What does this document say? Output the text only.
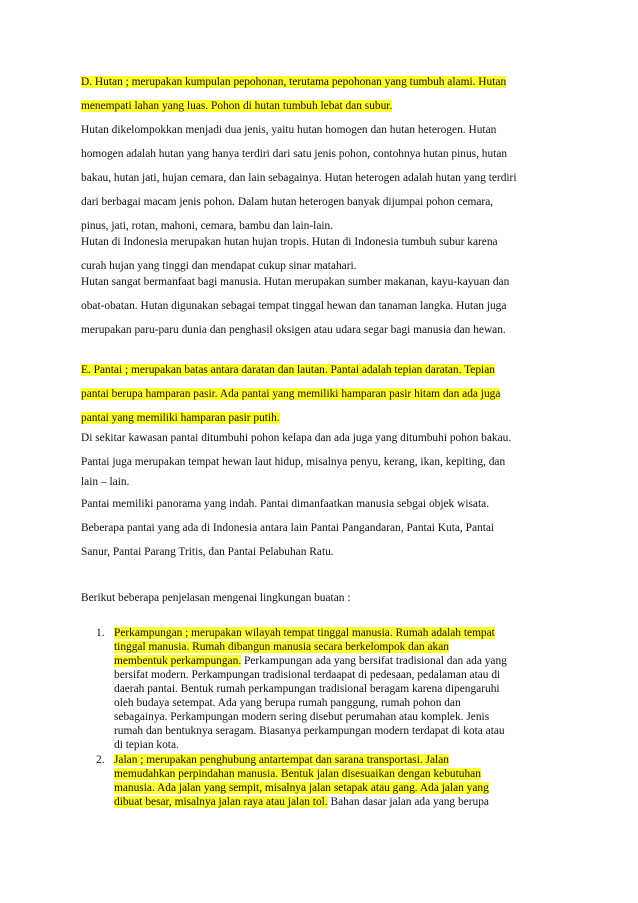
D. Hutan ; merupakan kumpulan pepohonan, terutama pepohonan yang tumbuh alami. Hutan
menempati lahan yang luas. Pohon di hutan tumbuh lebat dan subur.
Hutan dikelompokkan menjadi dua jenis, yaitu hutan homogen dan hutan heterogen. Hutan
homogen adalah hutan yang hanya terdiri dari satu jenis pohon, contohnya hutan pinus, hutan
bakau, hutan jati, hujan cemara, dan lain sebagainya. Hutan heterogen adalah hutan yang terdiri
dari berbagai macam jenis pohon. Dalam hutan heterogen banyak dijumpai pohon cemara,
pinus, jati, rotan, mahoni, cemara, bambu dan lain-lain.
Hutan di Indonesia merupakan hutan hujan tropis. Hutan di Indonesia tumbuh subur karena
curah hujan yang tinggi dan mendapat cukup sinar matahari.
Hutan sangat bermanfaat bagi manusia. Hutan merupakan sumber makanan, kayu-kayuan dan
obat-obatan. Hutan digunakan sebagai tempat tinggal hewan dan tanaman langka. Hutan juga
merupakan paru-paru dunia dan penghasil oksigen atau udara segar bagi manusia dan hewan.
E. Pantai ; merupakan batas antara daratan dan lautan. Pantai adalah tepian daratan. Tepian
pantai berupa hamparan pasir. Ada pantai yang memiliki hamparan pasir hitam dan ada juga
pantai yang memiliki hamparan pasir putih.
Di sekitar kawasan pantai ditumbuhi pohon kelapa dan ada juga yang ditumbuhi pohon bakau.
Pantai juga merupakan tempat hewan laut hidup, misalnya penyu, kerang, ikan, kepiting, dan
lain – lain.
Pantai memiliki panorama yang indah. Pantai dimanfaatkan manusia sebgai objek wisata.
Beberapa pantai yang ada di Indonesia antara lain Pantai Pangandaran, Pantai Kuta, Pantai
Sanur, Pantai Parang Tritis, dan Pantai Pelabuhan Ratu.
Berikut beberapa penjelasan mengenai lingkungan buatan :
1. Perkampungan ; merupakan wilayah tempat tinggal manusia. Rumah adalah tempat
tinggal manusia. Rumah dibangun manusia secara berkelompok dan akan
membentuk perkampungan. Perkampungan ada yang bersifat tradisional dan ada yang
bersifat modern. Perkampungan tradisional terdaapat di pedesaan, pedalaman atau di
daerah pantai. Bentuk rumah perkampungan tradisional beragam karena dipengaruhi
oleh budaya setempat. Ada yang berupa rumah panggung, rumah pohon dan
sebagainya. Perkampungan modern sering disebut perumahan atau komplek. Jenis
rumah dan bentuknya seragam. Biasanya perkampungan modern terdapat di kota atau
di tepian kota.
2. Jalan ; merupakan penghubung antartempat dan sarana transportasi. Jalan
memudahkan perpindahan manusia. Bentuk jalan disesuaikan dengan kebutuhan
manusia. Ada jalan yang sempit, misalnya jalan setapak atau gang. Ada jalan yang
dibuat besar, misalnya jalan raya atau jalan tol. Bahan dasar jalan ada yang berupa
